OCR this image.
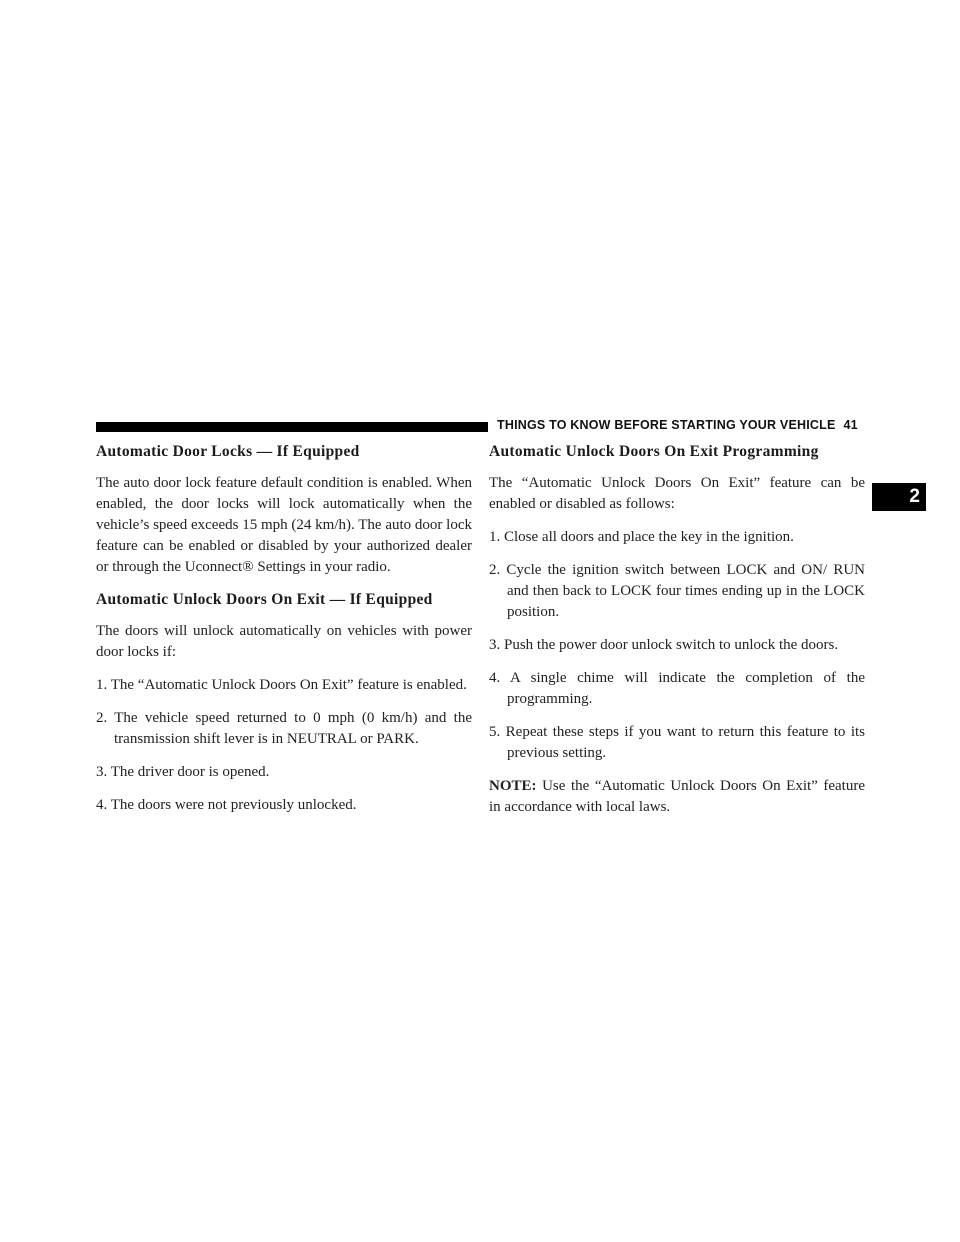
THINGS TO KNOW BEFORE STARTING YOUR VEHICLE 41
2
Automatic Door Locks — If Equipped

The auto door lock feature default condition is enabled. When enabled, the door locks will lock automatically when the vehicle’s speed exceeds 15 mph (24 km/h). The auto door lock feature can be enabled or disabled by your authorized dealer or through the Uconnect® Settings in your radio.

Automatic Unlock Doors On Exit — If Equipped

The doors will unlock automatically on vehicles with power door locks if:

1. The “Automatic Unlock Doors On Exit” feature is enabled.
2. The vehicle speed returned to 0 mph (0 km/h) and the transmission shift lever is in NEUTRAL or PARK.
3. The driver door is opened.
4. The doors were not previously unlocked.
Automatic Unlock Doors On Exit Programming

The “Automatic Unlock Doors On Exit” feature can be enabled or disabled as follows:

1. Close all doors and place the key in the ignition.
2. Cycle the ignition switch between LOCK and ON/ RUN and then back to LOCK four times ending up in the LOCK position.
3. Push the power door unlock switch to unlock the doors.
4. A single chime will indicate the completion of the programming.
5. Repeat these steps if you want to return this feature to its previous setting.

NOTE: Use the “Automatic Unlock Doors On Exit” feature in accordance with local laws.
